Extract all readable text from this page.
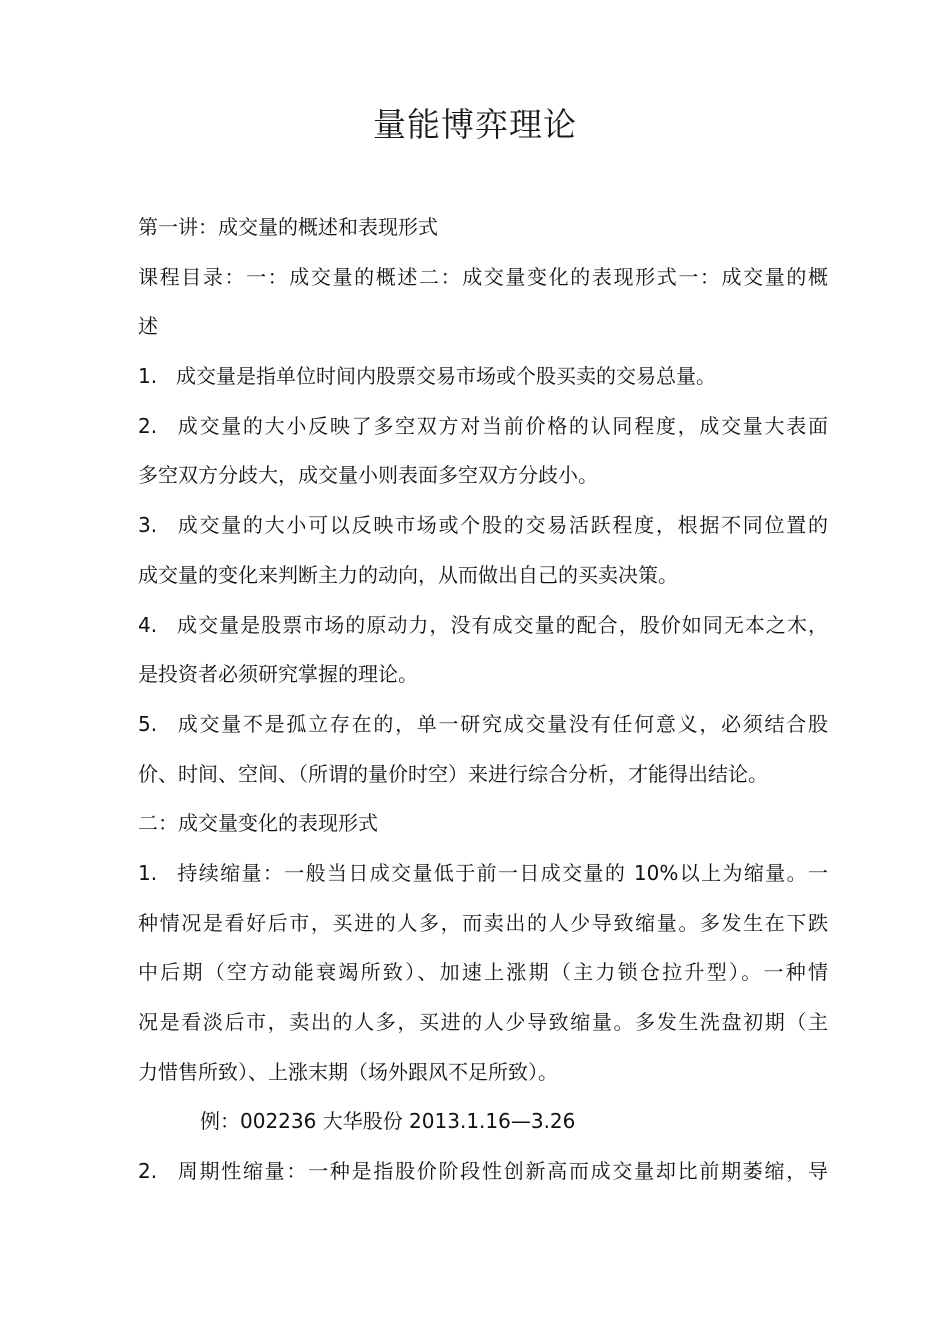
量能博弈理论
第一讲：成交量的概述和表现形式
课程目录：一：成交量的概述二：成交量变化的表现形式一：成交量的概
述
1. 成交量是指单位时间内股票交易市场或个股买卖的交易总量。
2. 成交量的大小反映了多空双方对当前价格的认同程度，成交量大表面
多空双方分歧大，成交量小则表面多空双方分歧小。
3. 成交量的大小可以反映市场或个股的交易活跃程度，根据不同位置的
成交量的变化来判断主力的动向，从而做出自己的买卖决策。
4. 成交量是股票市场的原动力，没有成交量的配合，股价如同无本之木，
是投资者必须研究掌握的理论。
5. 成交量不是孤立存在的，单一研究成交量没有任何意义，必须结合股
价、时间、空间、（所谓的量价时空）来进行综合分析，才能得出结论。
二：成交量变化的表现形式
1. 持续缩量：一般当日成交量低于前一日成交量的 10%以上为缩量。一
种情况是看好后市，买进的人多，而卖出的人少导致缩量。多发生在下跌
中后期（空方动能衰竭所致）、加速上涨期（主力锁仓拉升型）。一种情
况是看淡后市，卖出的人多，买进的人少导致缩量。多发生洗盘初期（主
力惜售所致）、上涨末期（场外跟风不足所致）。
例：002236 大华股份 2013.1.16—3.26
2. 周期性缩量：一种是指股价阶段性创新高而成交量却比前期萎缩，导
